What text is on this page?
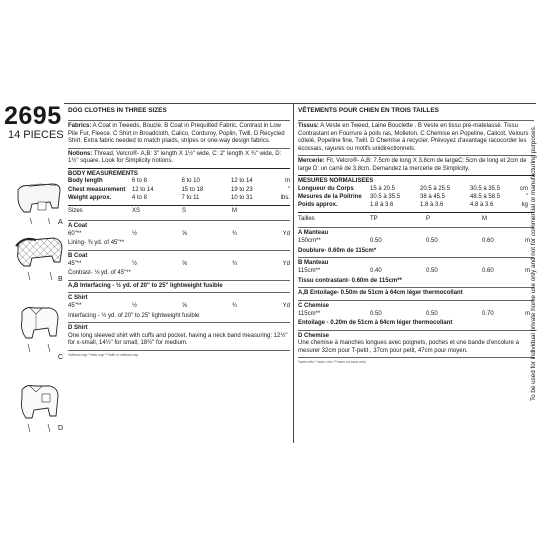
2695
14 PIECES
A
B
C
D
DOG CLOTHES IN THREE SIZES
Fabrics: A Coat in Tweeds, Boucle. B Coat in Prequilted Fabric. Contrast in Low Pile Fur, Fleece. C Shirt in Broadcloth, Calico, Corduroy, Poplin, Twill. D Recycled Shirt. Extra fabric needed to match plaids, stripes or one-way design fabrics.
Notions: Thread, Velcro®- A,B: 3" length X 1½" wide, C: 2" length X ¾" wide, D: 1½" square. Look for Simplicity notions.
BODY MEASUREMENTS
Body length	6 to 8	8 to 10	12 to 14	In
Chest measurement	12 to 14	15 to 18	19 to 23	"
Weight approx.	4 to 8	7 to 11	10 to 31	lbs.
Sizes	XS	S	M
A Coat
60"**	½	⅝	¾	Yd
Lining- ⅜ yd. of 45"**
B Coat
45"**	½	⅝	¾	Yd
Contrast- ⅛ yd. of 45"**
A,B Interfacing - ½ yd. of 20" to 25" lightweight fusible
C Shirt
45"**	½	⅝	¾	Yd
Interfacing - ½ yd. of 20" to 25" lightweight fusible
D Shirt
One long sleeved shirt with cuffs and pocket, having a neck band measuring: 12½" for x-small, 14½" for small, 18½" for medium.
*without nap **with nap ***with or without nap
VÊTEMENTS POUR CHIEN EN TROIS TAILLES
Tissus: A Veste en Tweed, Laine Bouclette . B Veste en tissu pré-matelassé. Tissu Contrastant en Fourrure à poils ras, Molleton. C Chemise en Popeline, Calicot, Velours côtelé, Popeline fine, Twill. D ChemIse à recycler. Prévoyez d'avantage racocorder les écossais, rayures ou motifs unidirectionnels.
Mercerie: Fil, Velcro®- A,B: 7.5cm de long X 3.8cm de largeC: 5cm de long et 2cm de large D: un carré de 3.8cm. Demandez la mercerie de Simplicity.
MESURES NORMALISEES
Longueur du Corps	15 à 20.5	20.5 à 25.5	30.5 à 35.5	cm
Mesures de la Poitrine	30.5 à 35.5	38 à 45.5	48.5 à 58.5	"
Poids approx.	1.8 à 3.6	1.8 à 3.6	4.8 à 3.6	kg
Tailles	TP	P	M
A Manteau
150cm**	0.50	0.50	0.60	m
Doublure- 0.60m de 115cm*
B Manteau
115cm**	0.40	0.50	0.60	m
Tissu contrastant- 0.60m de 115cm**
A,B Entoilage- 0.50m de 51cm à 64cm léger thermocollant
C Chemise
115cm**	0.50	0.50	0.70	m
Entoilage - 0.20m de 51cm à 64cm léger thermocollant
D Chemise
Une chemise à manches longues avec poignets, poches et une bande d'encolure à mesurer 32cm pour T-petit , 37cm pour petit, 47cm pour moyen.
*sans velu **avec velu ***avec ou sans velu	To be used for individual private home use only and not for commercial or manufacturing purposes.
